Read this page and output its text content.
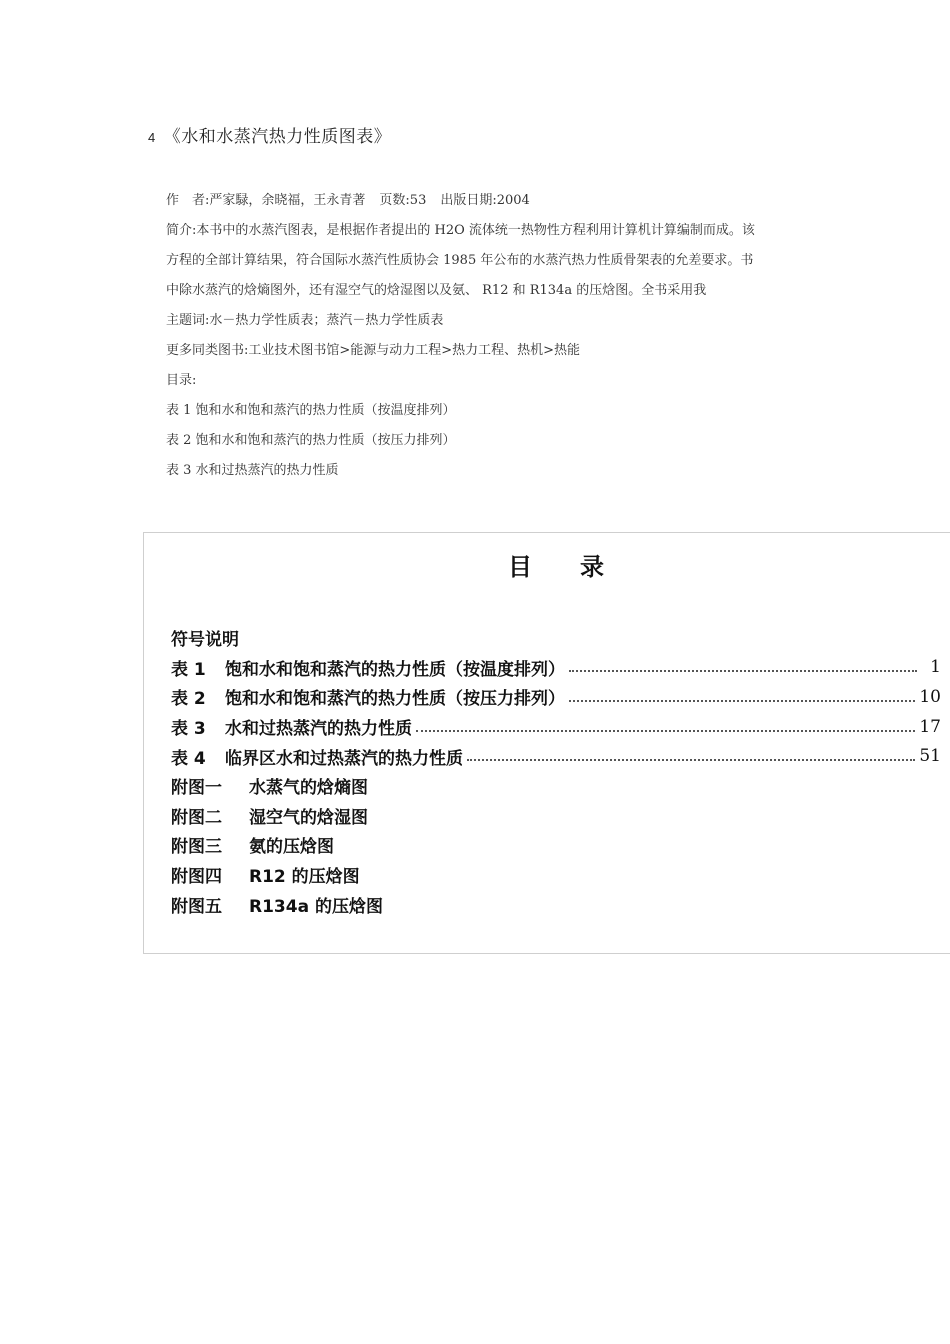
4 《水和水蒸汽热力性质图表》
作　者:严家騄，余晓福，王永青著 页数:53 出版日期:2004
简介:本书中的水蒸汽图表，是根据作者提出的 H2O 流体统一热物性方程利用计算机计算编制而成。该
方程的全部计算结果，符合国际水蒸汽性质协会 1985 年公布的水蒸汽热力性质骨架表的允差要求。书
中除水蒸汽的焓熵图外，还有湿空气的焓湿图以及氨、 R12 和 R134a 的压焓图。全书采用我
主题词:水－热力学性质表；蒸汽－热力学性质表
更多同类图书:工业技术图书馆>能源与动力工程>热力工程、热机>热能
目录:
表 1 饱和水和饱和蒸汽的热力性质（按温度排列）
表 2 饱和水和饱和蒸汽的热力性质（按压力排列）
表 3 水和过热蒸汽的热力性质
目录
符号说明
表 1	饱和水和饱和蒸汽的热力性质（按温度排列）	1
表 2	饱和水和饱和蒸汽的热力性质（按压力排列）	10
表 3	水和过热蒸汽的热力性质	17
表 4	临界区水和过热蒸汽的热力性质	51
附图一	水蒸气的焓熵图
附图二	湿空气的焓湿图
附图三	氨的压焓图
附图四	R12 的压焓图
附图五	R134a 的压焓图
